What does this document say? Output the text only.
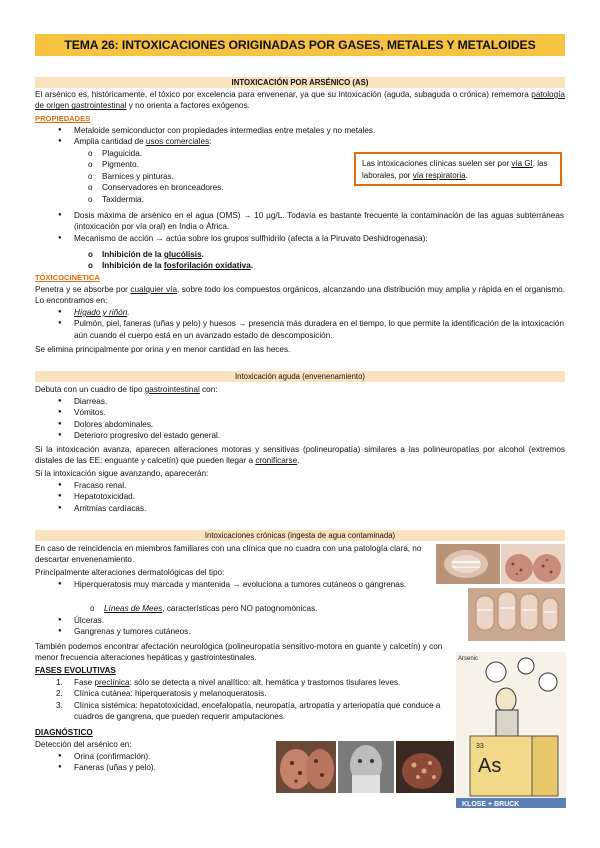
TEMA 26: INTOXICACIONES ORIGINADAS POR GASES, METALES Y METALOIDES
INTOXICACIÓN POR ARSÉNICO (AS)
El arsénico es, históricamente, el tóxico por excelencia para envenenar, ya que su intoxicación (aguda, subaguda o crónica) rememora patología de origen gastrointestinal y no orienta a factores exógenos.
PROPIEDADES
● Metaloide semiconductor con propiedades intermedias entre metales y no metales.
● Amplia cantidad de usos comerciales:
o Plaguicida.
o Pigmento.
o Barnices y pinturas.
o Conservadores en bronceadores.
o Taxidermia.
Las intoxicaciones clínicas suelen ser por vía GI, las laborales, por vía respiratoria.
● Dosis máxima de arsénico en el agua (OMS) → 10 µg/L. Todavía es bastante frecuente la contaminación de las aguas subterráneas (intoxicación por vía oral) en India o África.
● Mecanismo de acción → actúa sobre los grupos sulfhidrilo (afecta a la Piruvato Deshidrogenasa):
o Inhibición de la glucólisis.
o Inhibición de la fosforilación oxidativa.
TOXICOCINÉTICA
Penetra y se absorbe por cualquier vía, sobre todo los compuestos orgánicos, alcanzando una distribución muy amplia y rápida en el organismo. Lo encontramos en:
● Hígado y riñón.
● Pulmón, piel, faneras (uñas y pelo) y huesos → presencia más duradera en el tiempo, lo que permite la identificación de la intoxicación aún cuando el cuerpo está en un avanzado estado de descomposición.
Se elimina principalmente por orina y en menor cantidad en las heces.
Intoxicación aguda (envenenamiento)
Debuta con un cuadro de tipo gastrointestinal con:
● Diarreas.
● Vómitos.
● Dolores abdominales.
● Deterioro progresivo del estado general.
Si la intoxicación avanza, aparecen alteraciones motoras y sensitivas (polineuropatía) similares a las polineuropatías por alcohol (extremos distales de las EE: enguante y calcetín) que pueden llegar a cronificarse.
Si la intoxicación sigue avanzando, aparecerán:
● Fracaso renal.
● Hepatotoxicidad.
● Arritmias cardíacas.
Intoxicaciones crónicas (ingesta de agua contaminada)
En caso de reincidencia en miembros familiares con una clínica que no cuadra con una patología clara, no descartar envenenamiento.
Principalmente alteraciones dermatológicas del tipo:
● Hiperqueratosis muy marcada y mantenida → evoluciona a tumores cutáneos o gangrenas.
o Líneas de Mees, características pero NO patognomónicas.
● Úlceras.
● Gangrenas y tumores cutáneos.
También podemos encontrar afectación neurológica (polineuropatía sensitivo-motora en guante y calcetín) y con menor frecuencia alteraciones hepáticas y gastrointestinales.
FASES EVOLUTIVAS
1. Fase preclínica: sólo se detecta a nivel analítico: alt. hemática y trastornos tisulares leves.
2. Clínica cutánea: hiperqueratosis y melanoqueratosis.
3. Clínica sistémica: hepatotoxicidad, encefalopatía, neuropatía, artropatía y arteriopatía que conduce a cuadros de gangrena, que pueden requerir amputaciones.
DIAGNÓSTICO
Detección del arsénico en:
● Orina (confirmación).
● Faneras (uñas y pelo).
33
As
Arsenic
KLOSE + BRUCK
